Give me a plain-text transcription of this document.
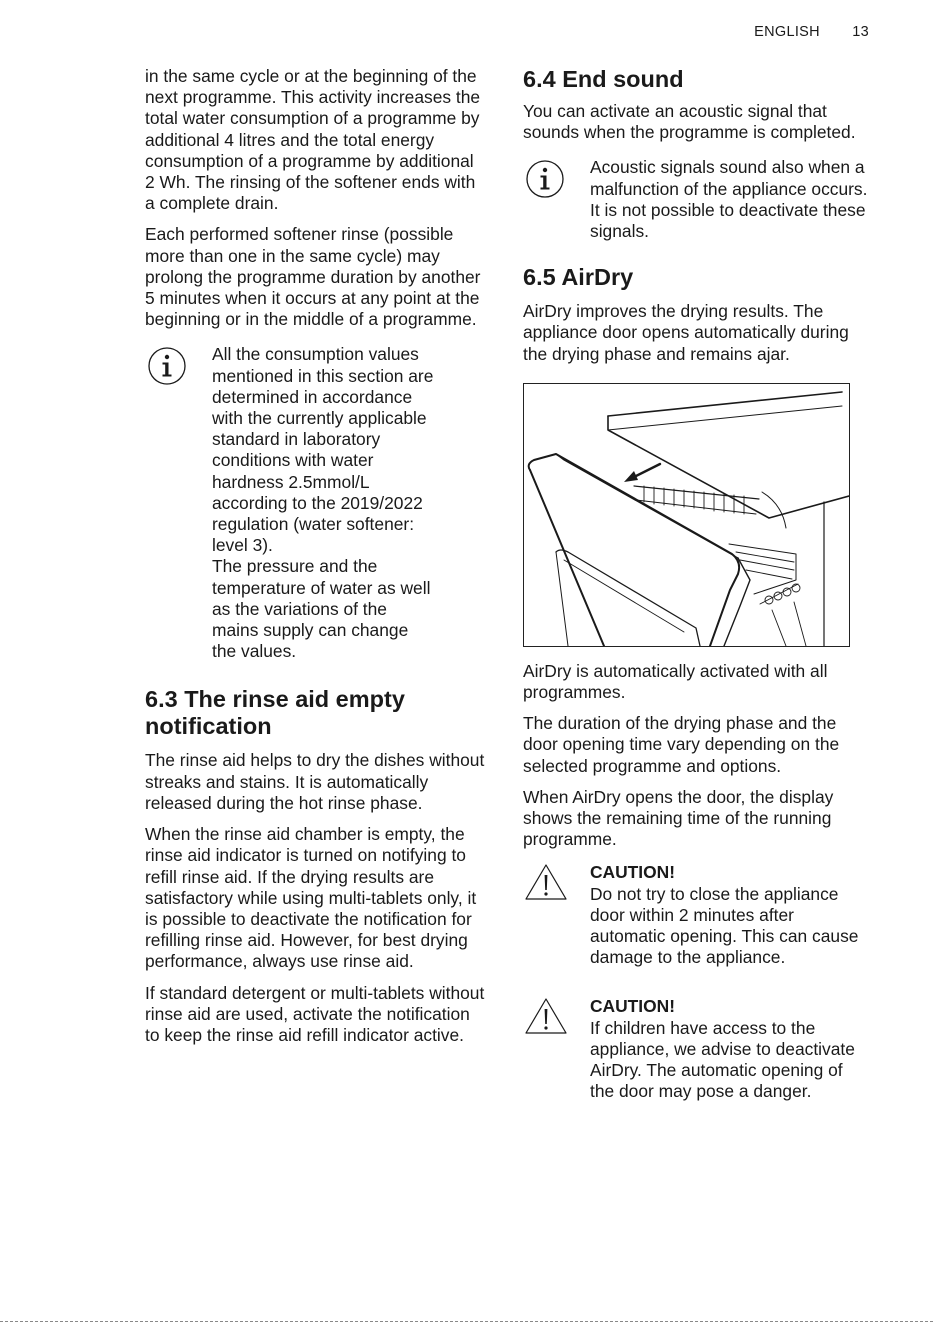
ENGLISH 13

in the same cycle or at the beginning of the next programme. This activity increases the total water consumption of a programme by additional 4 litres and the total energy consumption of a programme by additional 2 Wh. The rinsing of the softener ends with a complete drain.

Each performed softener rinse (possible more than one in the same cycle) may prolong the programme duration by another 5 minutes when it occurs at any point at the beginning or in the middle of a programme.

All the consumption values
mentioned in this section are
determined in accordance
with the currently applicable
standard in laboratory
conditions with water
hardness 2.5mmol/L
according to the 2019/2022
regulation (water softener:
level 3).
The pressure and the
temperature of water as well
as the variations of the
mains supply can change
the values.
6.3 The rinse aid empty notification

The rinse aid helps to dry the dishes without streaks and stains. It is automatically released during the hot rinse phase.

When the rinse aid chamber is empty, the rinse aid indicator is turned on notifying to refill rinse aid. If the drying results are satisfactory while using multi-tablets only, it is possible to deactivate the notification for refilling rinse aid. However, for best drying performance, always use rinse aid.

If standard detergent or multi-tablets without rinse aid are used, activate the notification to keep the rinse aid refill indicator active.

6.4 End sound

You can activate an acoustic signal that sounds when the programme is completed.

Acoustic signals sound also when a malfunction of the appliance occurs. It is not possible to deactivate these signals.
6.5 AirDry

AirDry improves the drying results. The appliance door opens automatically during the drying phase and remains ajar.

AirDry is automatically activated with all programmes.

The duration of the drying phase and the door opening time vary depending on the selected programme and options.

When AirDry opens the door, the display shows the remaining time of the running programme.

CAUTION!
Do not try to close the appliance door within 2 minutes after automatic opening. This can cause damage to the appliance.
CAUTION!
If children have access to the appliance, we advise to deactivate AirDry. The automatic opening of the door may pose a danger.
